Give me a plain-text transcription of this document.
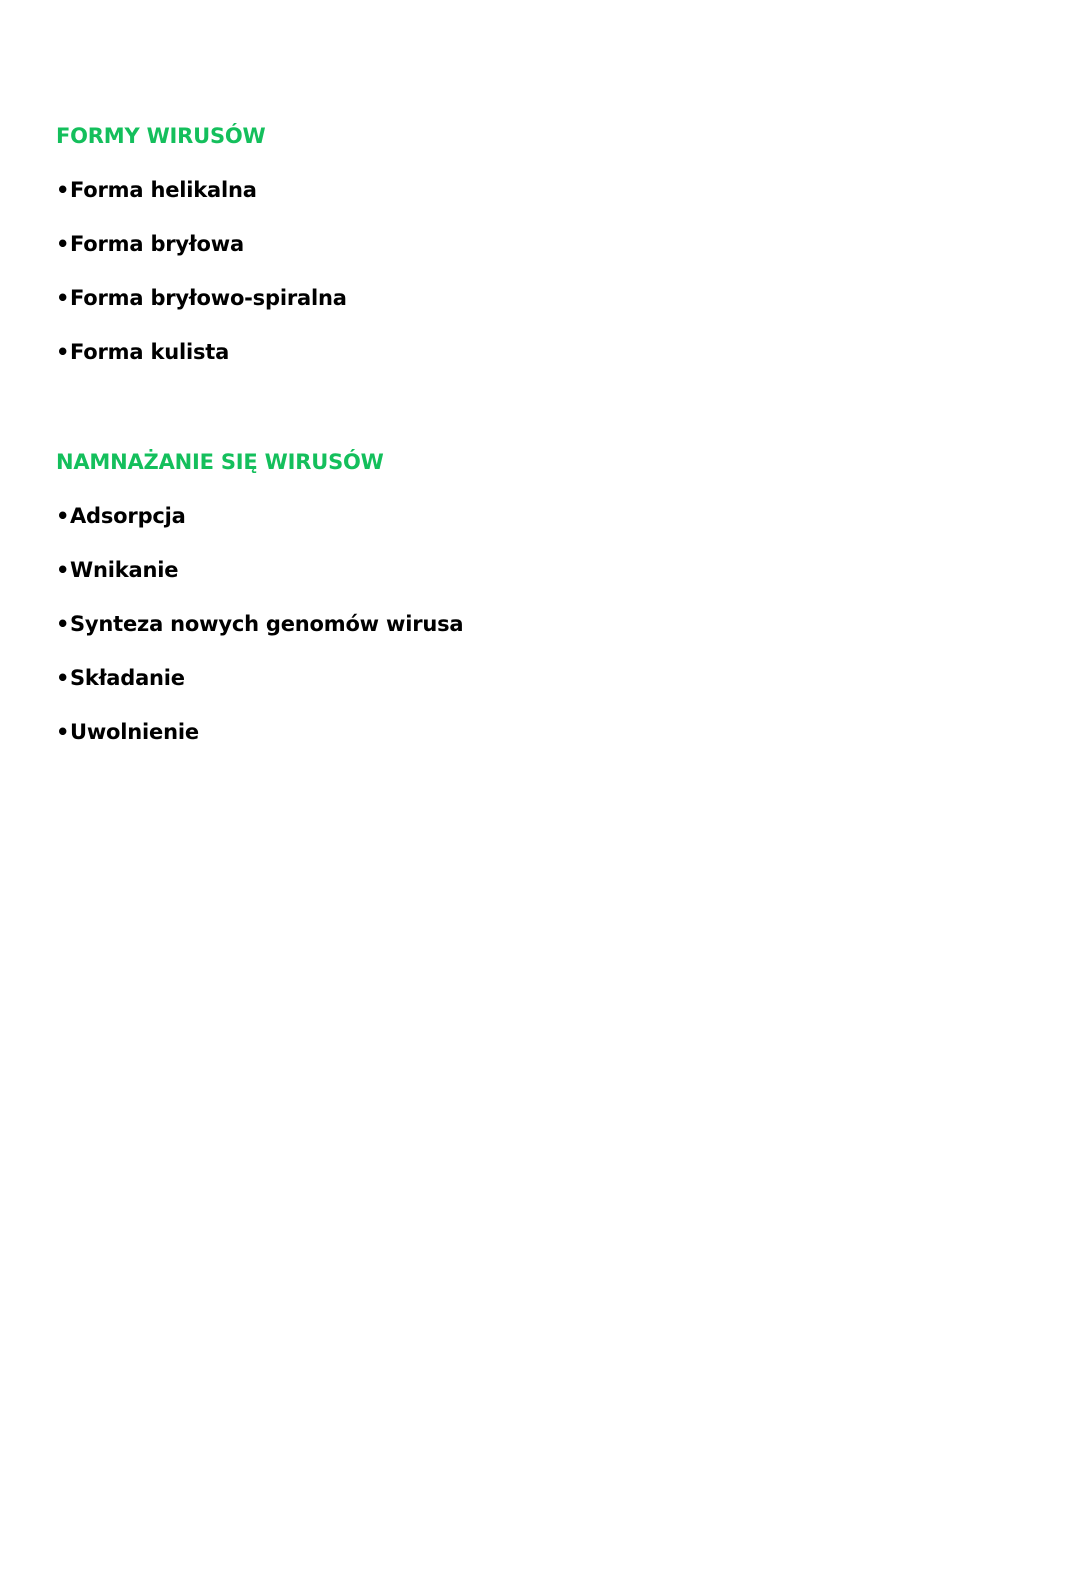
FORMY WIRUSÓW
•Forma helikalna
•Forma bryłowa
•Forma bryłowo-spiralna
•Forma kulista
NAMNAŻANIE SIĘ WIRUSÓW
•Adsorpcja
•Wnikanie
•Synteza nowych genomów wirusa
•Składanie
•Uwolnienie
